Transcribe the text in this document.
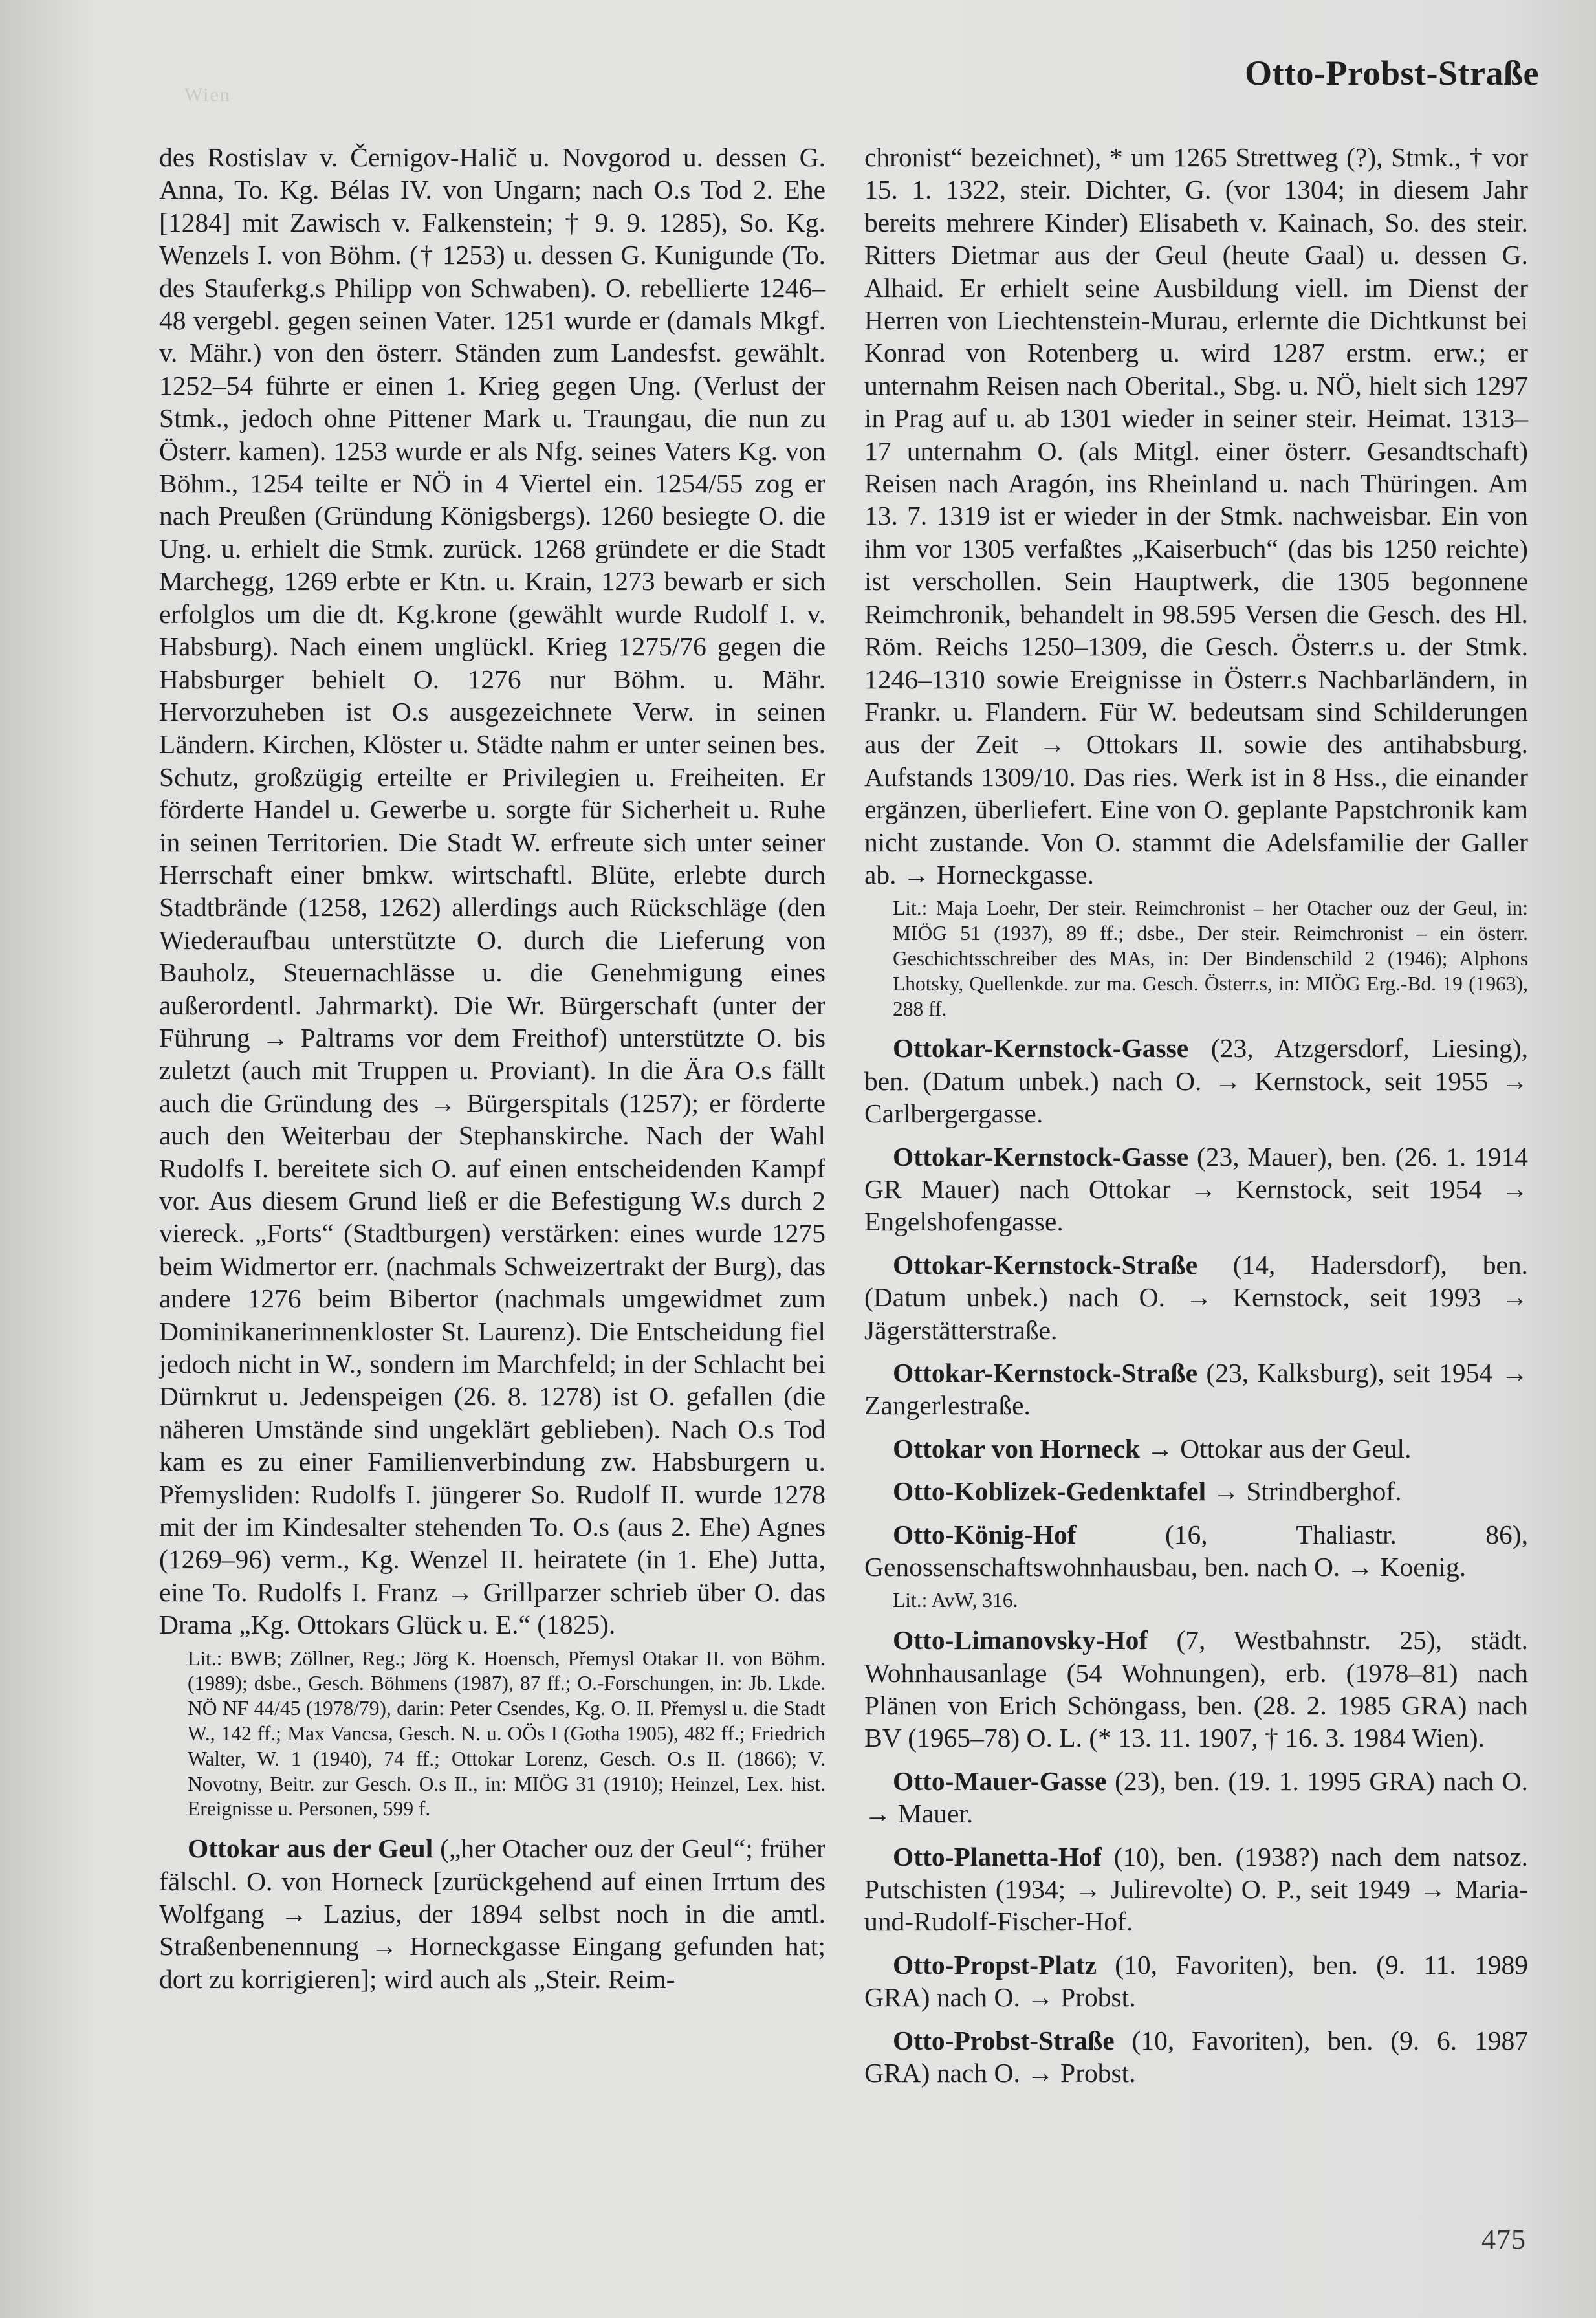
Wien
Otto-Probst-Straße

des Rostislav v. Černigov-Halič u. Novgorod u. dessen G. Anna, To. Kg. Bélas IV. von Ungarn; nach O.s Tod 2. Ehe [1284] mit Zawisch v. Falkenstein; † 9. 9. 1285), So. Kg. Wenzels I. von Böhm. († 1253) u. dessen G. Kunigunde (To. des Stauferkg.s Philipp von Schwaben). O. rebellierte 1246–48 vergebl. gegen seinen Vater. 1251 wurde er (damals Mkgf. v. Mähr.) von den österr. Ständen zum Landesfst. gewählt. 1252–54 führte er einen 1. Krieg gegen Ung. (Verlust der Stmk., jedoch ohne Pittener Mark u. Traungau, die nun zu Österr. kamen). 1253 wurde er als Nfg. seines Vaters Kg. von Böhm., 1254 teilte er NÖ in 4 Viertel ein. 1254/55 zog er nach Preußen (Gründung Königsbergs). 1260 besiegte O. die Ung. u. erhielt die Stmk. zurück. 1268 gründete er die Stadt Marchegg, 1269 erbte er Ktn. u. Krain, 1273 bewarb er sich erfolglos um die dt. Kg.krone (gewählt wurde Rudolf I. v. Habsburg). Nach einem unglückl. Krieg 1275/76 gegen die Habsburger behielt O. 1276 nur Böhm. u. Mähr. Hervorzuheben ist O.s ausgezeichnete Verw. in seinen Ländern. Kirchen, Klöster u. Städte nahm er unter seinen bes. Schutz, großzügig erteilte er Privilegien u. Freiheiten. Er förderte Handel u. Gewerbe u. sorgte für Sicherheit u. Ruhe in seinen Territorien. Die Stadt W. erfreute sich unter seiner Herrschaft einer bmkw. wirtschaftl. Blüte, erlebte durch Stadtbrände (1258, 1262) allerdings auch Rückschläge (den Wiederaufbau unterstützte O. durch die Lieferung von Bauholz, Steuernachlässe u. die Genehmigung eines außerordentl. Jahrmarkt). Die Wr. Bürgerschaft (unter der Führung → Paltrams vor dem Freithof) unterstützte O. bis zuletzt (auch mit Truppen u. Proviant). In die Ära O.s fällt auch die Gründung des → Bürgerspitals (1257); er förderte auch den Weiterbau der Stephanskirche. Nach der Wahl Rudolfs I. bereitete sich O. auf einen entscheidenden Kampf vor. Aus diesem Grund ließ er die Befestigung W.s durch 2 viereck. „Forts“ (Stadtburgen) verstärken: eines wurde 1275 beim Widmertor err. (nachmals Schweizertrakt der Burg), das andere 1276 beim Bibertor (nachmals umgewidmet zum Dominikanerinnenkloster St. Laurenz). Die Entscheidung fiel jedoch nicht in W., sondern im Marchfeld; in der Schlacht bei Dürnkrut u. Jedenspeigen (26. 8. 1278) ist O. gefallen (die näheren Umstände sind ungeklärt geblieben). Nach O.s Tod kam es zu einer Familienverbindung zw. Habsburgern u. Přemysliden: Rudolfs I. jüngerer So. Rudolf II. wurde 1278 mit der im Kindesalter stehenden To. O.s (aus 2. Ehe) Agnes (1269–96) verm., Kg. Wenzel II. heiratete (in 1. Ehe) Jutta, eine To. Rudolfs I. Franz → Grillparzer schrieb über O. das Drama „Kg. Ottokars Glück u. E.“ (1825).

Lit.: BWB; Zöllner, Reg.; Jörg K. Hoensch, Přemysl Otakar II. von Böhm. (1989); dsbe., Gesch. Böhmens (1987), 87 ff.; O.-Forschungen, in: Jb. Lkde. NÖ NF 44/45 (1978/79), darin: Peter Csendes, Kg. O. II. Přemysl u. die Stadt W., 142 ff.; Max Vancsa, Gesch. N. u. OÖs I (Gotha 1905), 482 ff.; Friedrich Walter, W. 1 (1940), 74 ff.; Ottokar Lorenz, Gesch. O.s II. (1866); V. Novotny, Beitr. zur Gesch. O.s II., in: MIÖG 31 (1910); Heinzel, Lex. hist. Ereignisse u. Personen, 599 f.

Ottokar aus der Geul („her Otacher ouz der Geul“; früher fälschl. O. von Horneck [zurückgehend auf einen Irrtum des Wolfgang → Lazius, der 1894 selbst noch in die amtl. Straßenbenennung → Horneckgasse Eingang gefunden hat; dort zu korrigieren]; wird auch als „Steir. Reim-

chronist“ bezeichnet), * um 1265 Strettweg (?), Stmk., † vor 15. 1. 1322, steir. Dichter, G. (vor 1304; in diesem Jahr bereits mehrere Kinder) Elisabeth v. Kainach, So. des steir. Ritters Dietmar aus der Geul (heute Gaal) u. dessen G. Alhaid. Er erhielt seine Ausbildung viell. im Dienst der Herren von Liechtenstein-Murau, erlernte die Dichtkunst bei Konrad von Rotenberg u. wird 1287 erstm. erw.; er unternahm Reisen nach Oberital., Sbg. u. NÖ, hielt sich 1297 in Prag auf u. ab 1301 wieder in seiner steir. Heimat. 1313–17 unternahm O. (als Mitgl. einer österr. Gesandtschaft) Reisen nach Aragón, ins Rheinland u. nach Thüringen. Am 13. 7. 1319 ist er wieder in der Stmk. nachweisbar. Ein von ihm vor 1305 verfaßtes „Kaiserbuch“ (das bis 1250 reichte) ist verschollen. Sein Hauptwerk, die 1305 begonnene Reimchronik, behandelt in 98.595 Versen die Gesch. des Hl. Röm. Reichs 1250–1309, die Gesch. Österr.s u. der Stmk. 1246–1310 sowie Ereignisse in Österr.s Nachbarländern, in Frankr. u. Flandern. Für W. bedeutsam sind Schilderungen aus der Zeit → Ottokars II. sowie des antihabsburg. Aufstands 1309/10. Das ries. Werk ist in 8 Hss., die einander ergänzen, überliefert. Eine von O. geplante Papstchronik kam nicht zustande. Von O. stammt die Adelsfamilie der Galler ab. → Horneckgasse.

Lit.: Maja Loehr, Der steir. Reimchronist – her Otacher ouz der Geul, in: MIÖG 51 (1937), 89 ff.; dsbe., Der steir. Reimchronist – ein österr. Geschichtsschreiber des MAs, in: Der Bindenschild 2 (1946); Alphons Lhotsky, Quellenkde. zur ma. Gesch. Österr.s, in: MIÖG Erg.-Bd. 19 (1963), 288 ff.

Ottokar-Kernstock-Gasse (23, Atzgersdorf, Liesing), ben. (Datum unbek.) nach O. → Kernstock, seit 1955 → Carlbergergasse.

Ottokar-Kernstock-Gasse (23, Mauer), ben. (26. 1. 1914 GR Mauer) nach Ottokar → Kernstock, seit 1954 → Engelshofengasse.

Ottokar-Kernstock-Straße (14, Hadersdorf), ben. (Datum unbek.) nach O. → Kernstock, seit 1993 → Jägerstätterstraße.

Ottokar-Kernstock-Straße (23, Kalksburg), seit 1954 → Zangerlestraße.

Ottokar von Horneck → Ottokar aus der Geul.

Otto-Koblizek-Gedenktafel → Strindberghof.

Otto-König-Hof	(16, Thaliastr. 86), Genossenschaftswohnhausbau, ben. nach O. → Koenig.

Lit.: AvW, 316.

Otto-Limanovsky-Hof (7, Westbahnstr. 25), städt. Wohnhausanlage (54 Wohnungen), erb. (1978–81) nach Plänen von Erich Schöngass, ben. (28. 2. 1985 GRA) nach BV (1965–78) O. L. (* 13. 11. 1907, † 16. 3. 1984 Wien).

Otto-Mauer-Gasse (23), ben. (19. 1. 1995 GRA) nach O. → Mauer.

Otto-Planetta-Hof (10), ben. (1938?) nach dem natsoz. Putschisten (1934; → Julirevolte) O. P., seit 1949 → Maria-und-Rudolf-Fischer-Hof.

Otto-Propst-Platz (10, Favoriten), ben. (9. 11. 1989 GRA) nach O. → Probst.

Otto-Probst-Straße (10, Favoriten), ben. (9. 6. 1987 GRA) nach O. → Probst.

475
